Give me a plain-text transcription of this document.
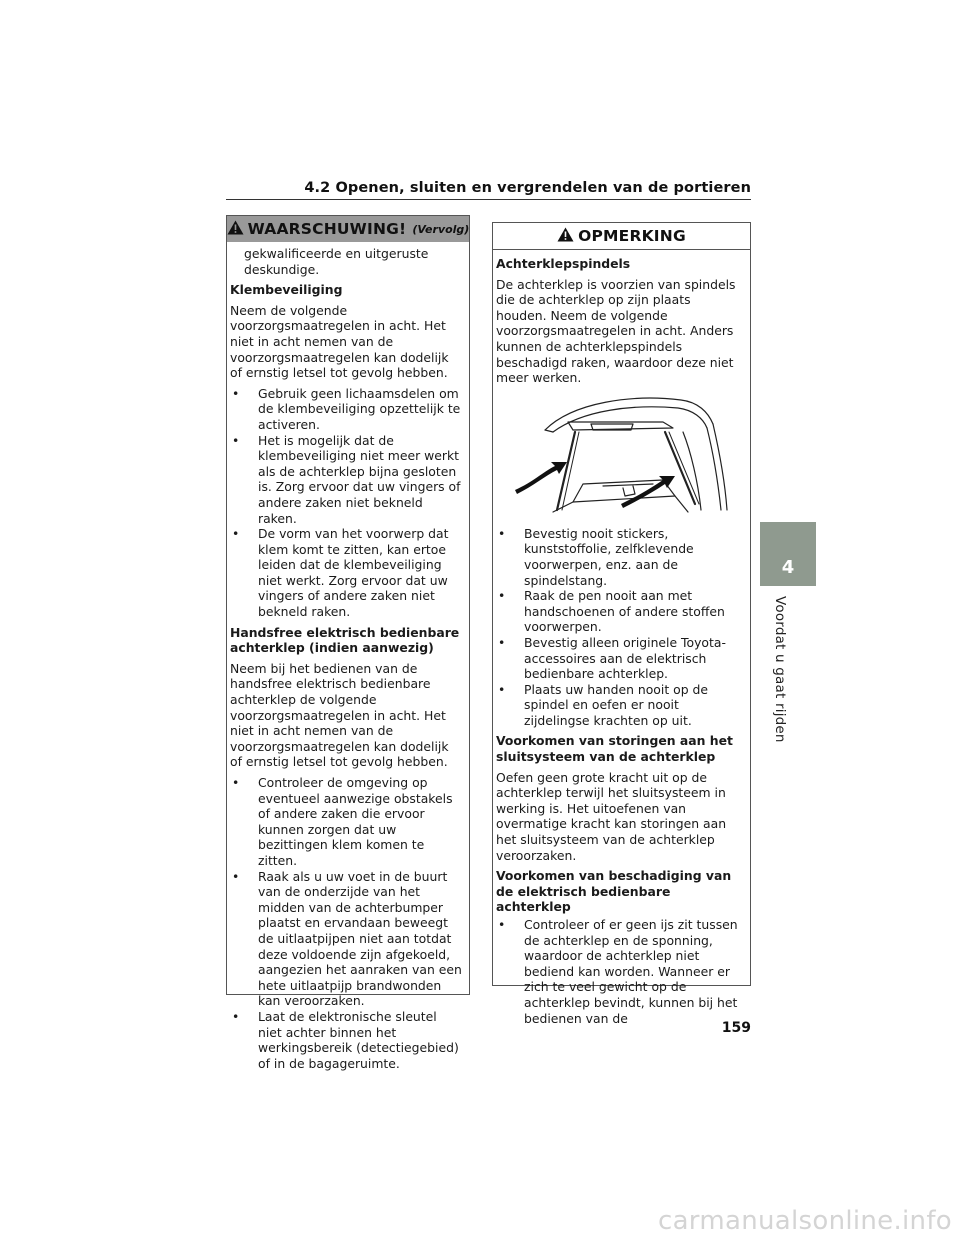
4.2 Openen, sluiten en vergrendelen van de portieren
WAARSCHUWING! (Vervolg)

gekwalificeerde en uitgeruste deskundige.

Klembeveiliging

Neem de volgende voorzorgsmaatregelen in acht. Het niet in acht nemen van de voorzorgsmaatregelen kan dodelijk of ernstig letsel tot gevolg hebben.

• Gebruik geen lichaamsdelen om de klembeveiliging opzettelijk te activeren.
• Het is mogelijk dat de klembeveiliging niet meer werkt als de achterklep bijna gesloten is. Zorg ervoor dat uw vingers of andere zaken niet bekneld raken.
• De vorm van het voorwerp dat klem komt te zitten, kan ertoe leiden dat de klembeveiliging niet werkt. Zorg ervoor dat uw vingers of andere zaken niet bekneld raken.

Handsfree elektrisch bedienbare achterklep (indien aanwezig)

Neem bij het bedienen van de handsfree elektrisch bedienbare achterklep de volgende voorzorgsmaatregelen in acht. Het niet in acht nemen van de voorzorgsmaatregelen kan dodelijk of ernstig letsel tot gevolg hebben.

• Controleer de omgeving op eventueel aanwezige obstakels of andere zaken die ervoor kunnen zorgen dat uw bezittingen klem komen te zitten.
• Raak als u uw voet in de buurt van de onderzijde van het midden van de achterbumper plaatst en ervandaan beweegt de uitlaatpijpen niet aan totdat deze voldoende zijn afgekoeld, aangezien het aanraken van een hete uitlaatpijp brandwonden kan veroorzaken.
• Laat de elektronische sleutel niet achter binnen het werkingsbereik (detectiegebied) of in de bagageruimte.
OPMERKING

Achterklepspindels

De achterklep is voorzien van spindels die de achterklep op zijn plaats houden. Neem de volgende voorzorgsmaatregelen in acht. Anders kunnen de achterklepspindels beschadigd raken, waardoor deze niet meer werken.

• Bevestig nooit stickers, kunststoffolie, zelfklevende voorwerpen, enz. aan de spindelstang.
• Raak de pen nooit aan met handschoenen of andere stoffen voorwerpen.
• Bevestig alleen originele Toyota-accessoires aan de elektrisch bedienbare achterklep.
• Plaats uw handen nooit op de spindel en oefen er nooit zijdelingse krachten op uit.

Voorkomen van storingen aan het sluitsysteem van de achterklep

Oefen geen grote kracht uit op de achterklep terwijl het sluitsysteem in werking is. Het uitoefenen van overmatige kracht kan storingen aan het sluitsysteem van de achterklep veroorzaken.

Voorkomen van beschadiging van de elektrisch bedienbare achterklep

• Controleer of er geen ijs zit tussen de achterklep en de sponning, waardoor de achterklep niet bediend kan worden. Wanneer er zich te veel gewicht op de achterklep bevindt, kunnen bij het bedienen van de
4
Voordat u gaat rijden
159
carmanualsonline.info
